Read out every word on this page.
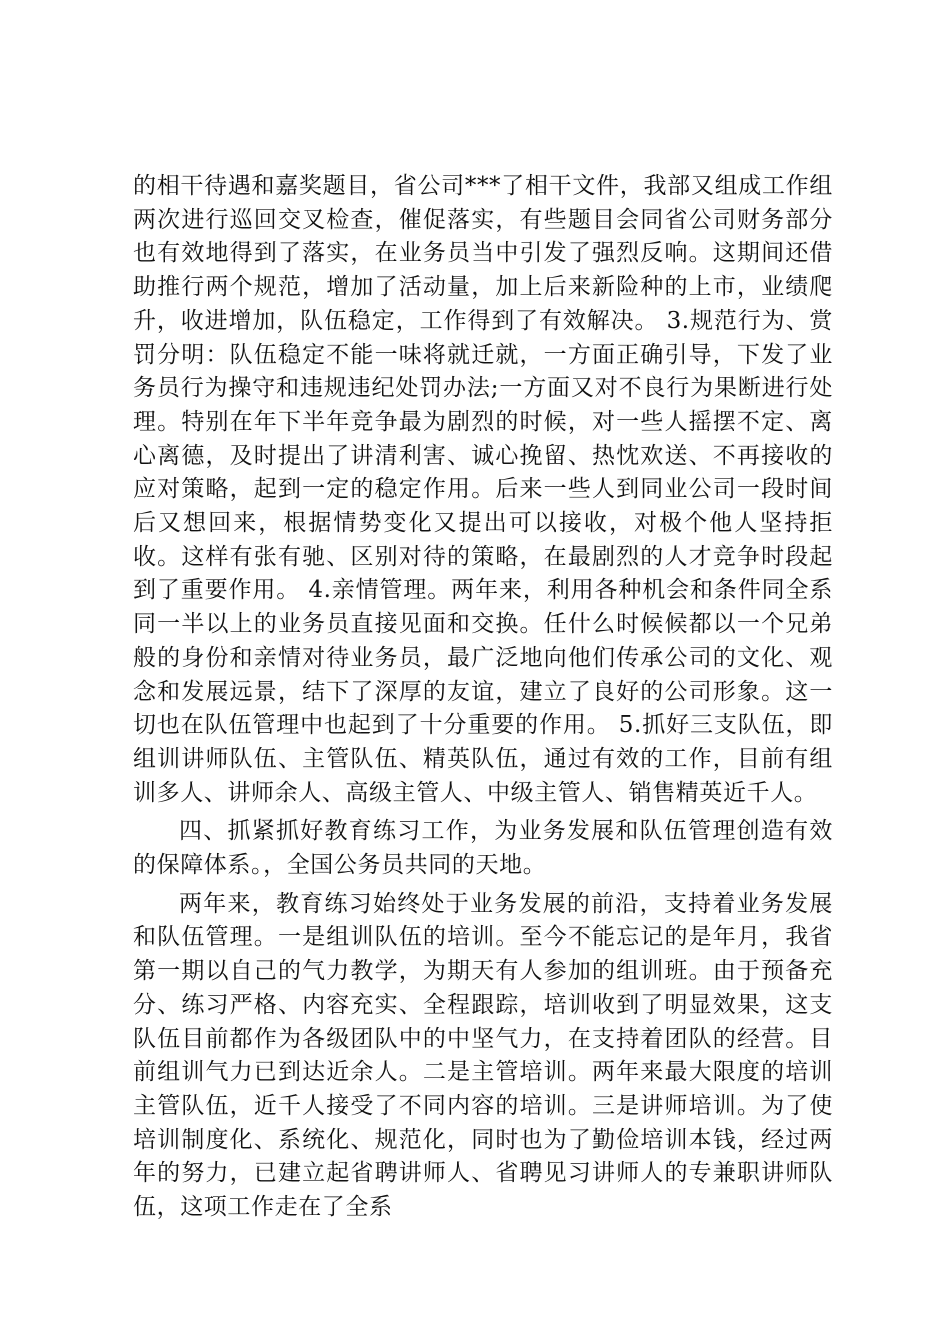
的相干待遇和嘉奖题目，省公司***了相干文件，我部又组成工作组两次进行巡回交叉检查，催促落实，有些题目会同省公司财务部分也有效地得到了落实，在业务员当中引发了强烈反响。这期间还借助推行两个规范，增加了活动量，加上后来新险种的上市，业绩爬升，收进增加，队伍稳定，工作得到了有效解决。 3.规范行为、赏罚分明：队伍稳定不能一味将就迁就，一方面正确引导，下发了业务员行为操守和违规违纪处罚办法;一方面又对不良行为果断进行处理。特别在年下半年竞争最为剧烈的时候，对一些人摇摆不定、离心离德，及时提出了讲清利害、诚心挽留、热忱欢送、不再接收的应对策略，起到一定的稳定作用。后来一些人到同业公司一段时间后又想回来，根据情势变化又提出可以接收，对极个他人坚持拒收。这样有张有驰、区别对待的策略，在最剧烈的人才竞争时段起到了重要作用。 4.亲情管理。两年来，利用各种机会和条件同全系同一半以上的业务员直接见面和交换。任什么时候候都以一个兄弟般的身份和亲情对待业务员，最广泛地向他们传承公司的文化、观念和发展远景，结下了深厚的友谊，建立了良好的公司形象。这一切也在队伍管理中也起到了十分重要的作用。 5.抓好三支队伍，即组训讲师队伍、主管队伍、精英队伍，通过有效的工作，目前有组训多人、讲师余人、高级主管人、中级主管人、销售精英近千人。

四、抓紧抓好教育练习工作，为业务发展和队伍管理创造有效的保障体系。，全国公务员共同的天地。

两年来，教育练习始终处于业务发展的前沿，支持着业务发展和队伍管理。一是组训队伍的培训。至今不能忘记的是年月，我省第一期以自己的气力教学，为期天有人参加的组训班。由于预备充分、练习严格、内容充实、全程跟踪，培训收到了明显效果，这支队伍目前都作为各级团队中的中坚气力，在支持着团队的经营。目前组训气力已到达近余人。二是主管培训。两年来最大限度的培训主管队伍，近千人接受了不同内容的培训。三是讲师培训。为了使培训制度化、系统化、规范化，同时也为了勤俭培训本钱，经过两年的努力，已建立起省聘讲师人、省聘见习讲师人的专兼职讲师队伍，这项工作走在了全系
